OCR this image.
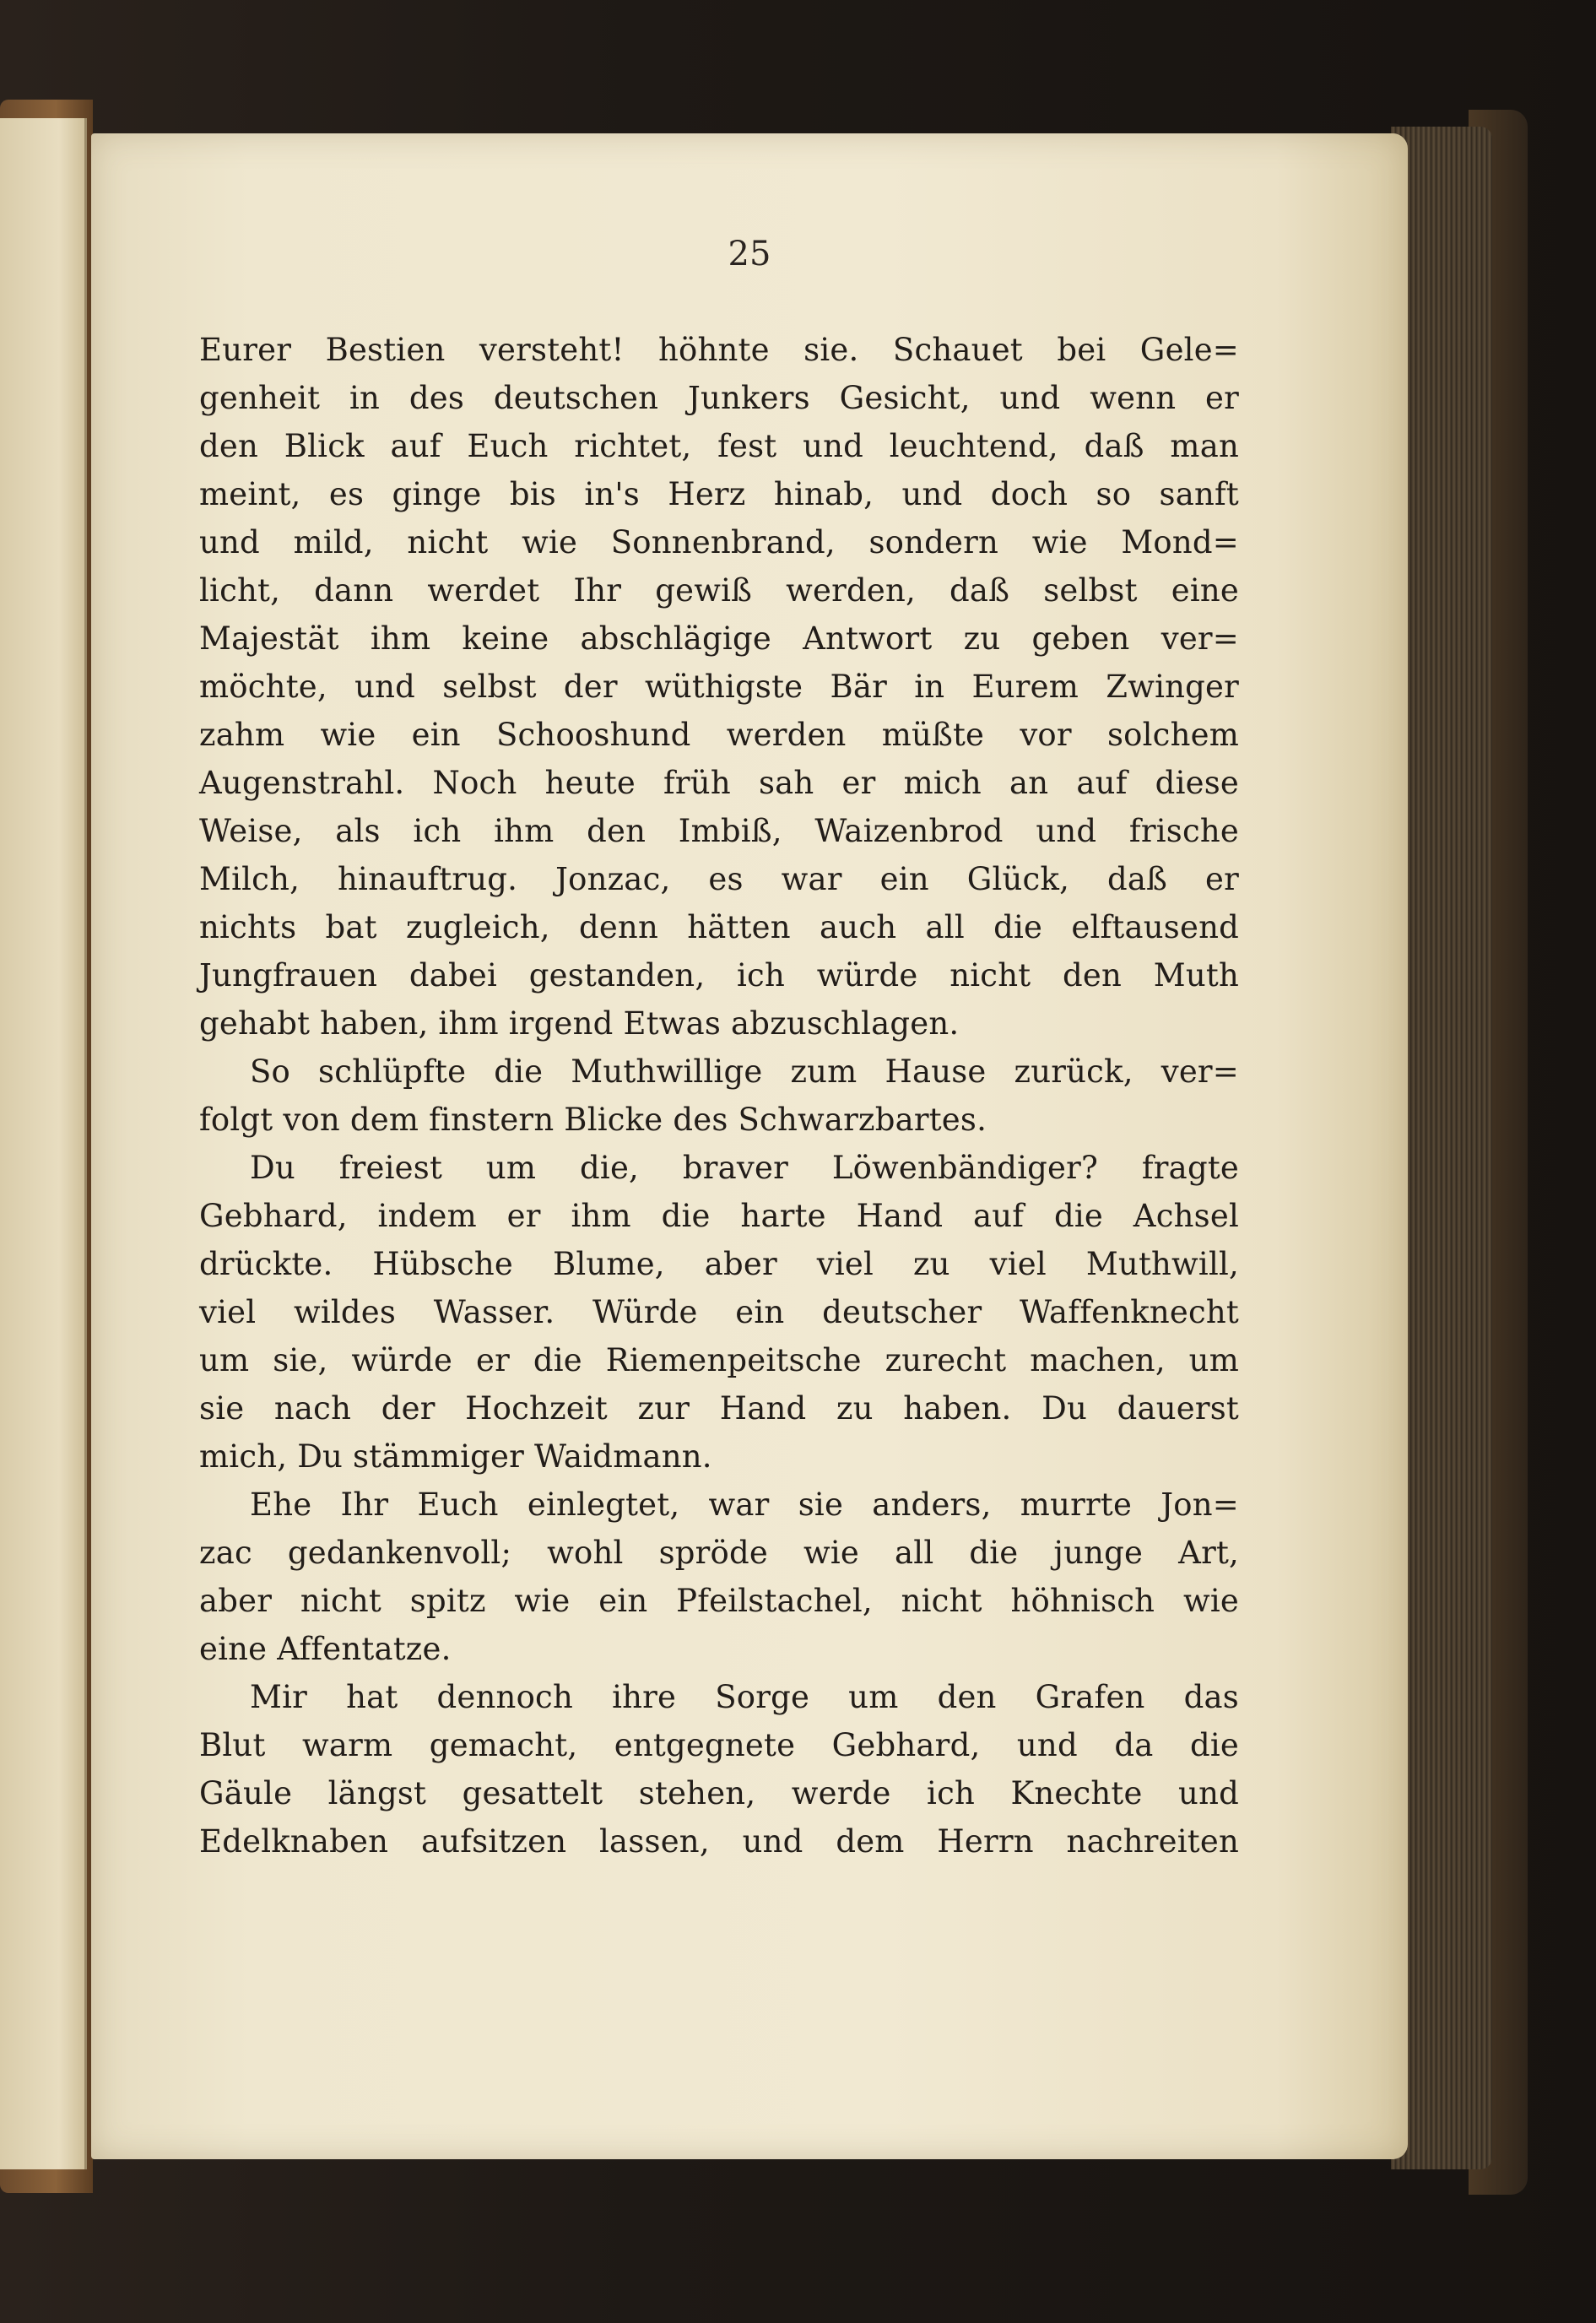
25
Eurer Bestien versteht! höhnte sie. Schauet bei Gele=
genheit in des deutschen Junkers Gesicht, und wenn er
den Blick auf Euch richtet, fest und leuchtend, daß man
meint, es ginge bis in's Herz hinab, und doch so sanft
und mild, nicht wie Sonnenbrand, sondern wie Mond=
licht, dann werdet Ihr gewiß werden, daß selbst eine
Majestät ihm keine abschlägige Antwort zu geben ver=
möchte, und selbst der wüthigste Bär in Eurem Zwinger
zahm wie ein Schooshund werden müßte vor solchem
Augenstrahl. Noch heute früh sah er mich an auf diese
Weise, als ich ihm den Imbiß, Waizenbrod und frische
Milch, hinauftrug. Jonzac, es war ein Glück, daß er
nichts bat zugleich, denn hätten auch all die elftausend
Jungfrauen dabei gestanden, ich würde nicht den Muth
gehabt haben, ihm irgend Etwas abzuschlagen.
So schlüpfte die Muthwillige zum Hause zurück, ver=
folgt von dem finstern Blicke des Schwarzbartes.
Du freiest um die, braver Löwenbändiger? fragte
Gebhard, indem er ihm die harte Hand auf die Achsel
drückte. Hübsche Blume, aber viel zu viel Muthwill,
viel wildes Wasser. Würde ein deutscher Waffenknecht
um sie, würde er die Riemenpeitsche zurecht machen, um
sie nach der Hochzeit zur Hand zu haben. Du dauerst
mich, Du stämmiger Waidmann.
Ehe Ihr Euch einlegtet, war sie anders, murrte Jon=
zac gedankenvoll; wohl spröde wie all die junge Art,
aber nicht spitz wie ein Pfeilstachel, nicht höhnisch wie
eine Affentatze.
Mir hat dennoch ihre Sorge um den Grafen das
Blut warm gemacht, entgegnete Gebhard, und da die
Gäule längst gesattelt stehen, werde ich Knechte und
Edelknaben aufsitzen lassen, und dem Herrn nachreiten
